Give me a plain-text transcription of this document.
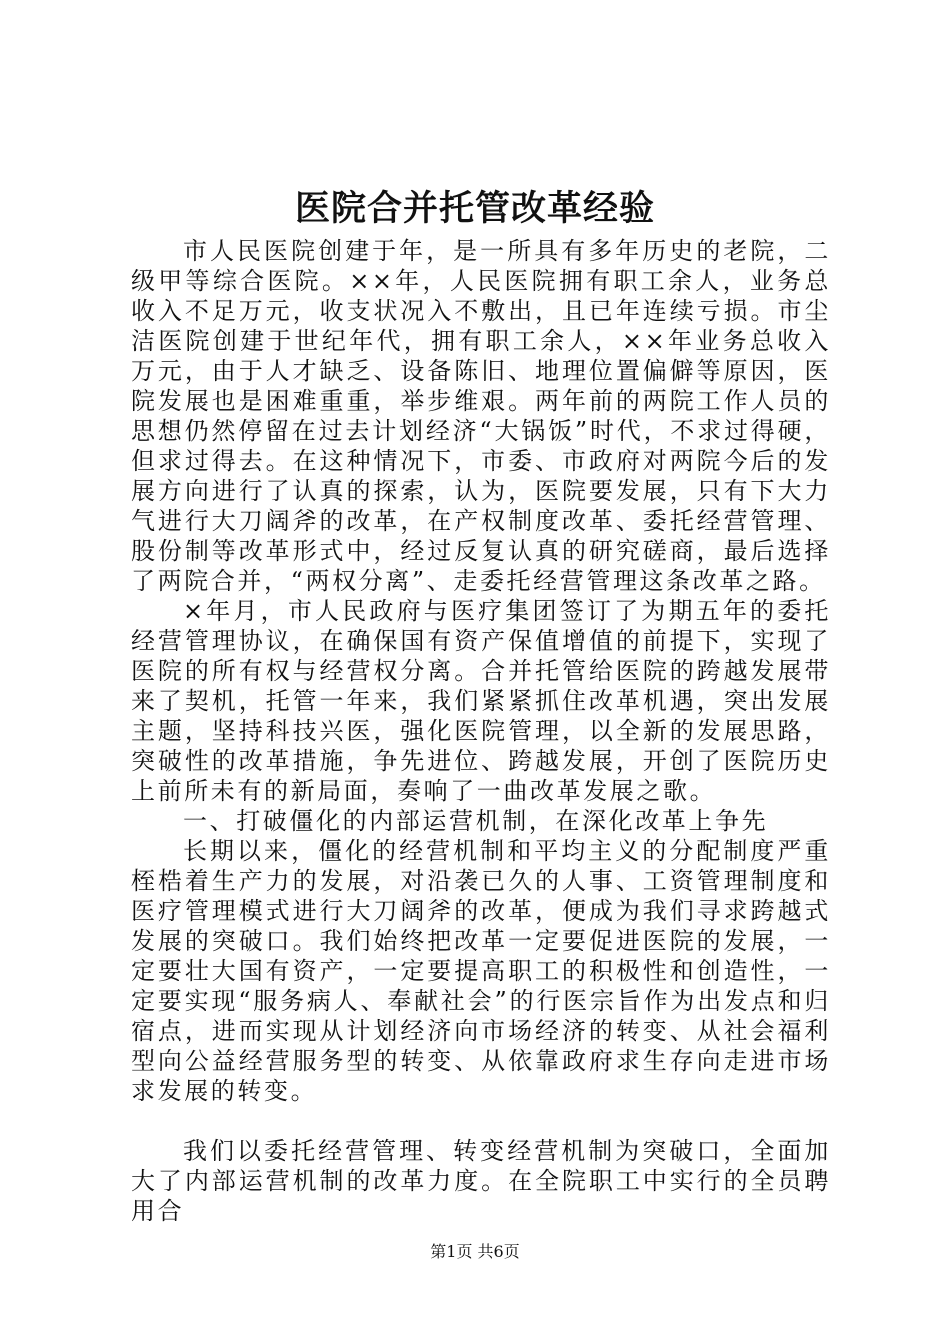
医院合并托管改革经验

市人民医院创建于年，是一所具有多年历史的老院，二级甲等综合医院。××年，人民医院拥有职工余人，业务总收入不足万元，收支状况入不敷出，且已年连续亏损。市尘洁医院创建于世纪年代，拥有职工余人，××年业务总收入万元，由于人才缺乏、设备陈旧、地理位置偏僻等原因，医院发展也是困难重重，举步维艰。两年前的两院工作人员的思想仍然停留在过去计划经济“大锅饭”时代，不求过得硬，但求过得去。在这种情况下，市委、市政府对两院今后的发展方向进行了认真的探索，认为，医院要发展，只有下大力气进行大刀阔斧的改革，在产权制度改革、委托经营管理、股份制等改革形式中，经过反复认真的研究磋商，最后选择了两院合并，“两权分离”、走委托经营管理这条改革之路。

×年月，市人民政府与医疗集团签订了为期五年的委托经营管理协议，在确保国有资产保值增值的前提下，实现了医院的所有权与经营权分离。合并托管给医院的跨越发展带来了契机，托管一年来，我们紧紧抓住改革机遇，突出发展主题，坚持科技兴医，强化医院管理，以全新的发展思路，突破性的改革措施，争先进位、跨越发展，开创了医院历史上前所未有的新局面，奏响了一曲改革发展之歌。

一、打破僵化的内部运营机制，在深化改革上争先

长期以来，僵化的经营机制和平均主义的分配制度严重桎梏着生产力的发展，对沿袭已久的人事、工资管理制度和医疗管理模式进行大刀阔斧的改革，便成为我们寻求跨越式发展的突破口。我们始终把改革一定要促进医院的发展，一定要壮大国有资产，一定要提高职工的积极性和创造性，一定要实现“服务病人、奉献社会”的行医宗旨作为出发点和归宿点，进而实现从计划经济向市场经济的转变、从社会福利型向公益经营服务型的转变、从依靠政府求生存向走进市场求发展的转变。

我们以委托经营管理、转变经营机制为突破口，全面加大了内部运营机制的改革力度。在全院职工中实行的全员聘用合

第1页 共6页
